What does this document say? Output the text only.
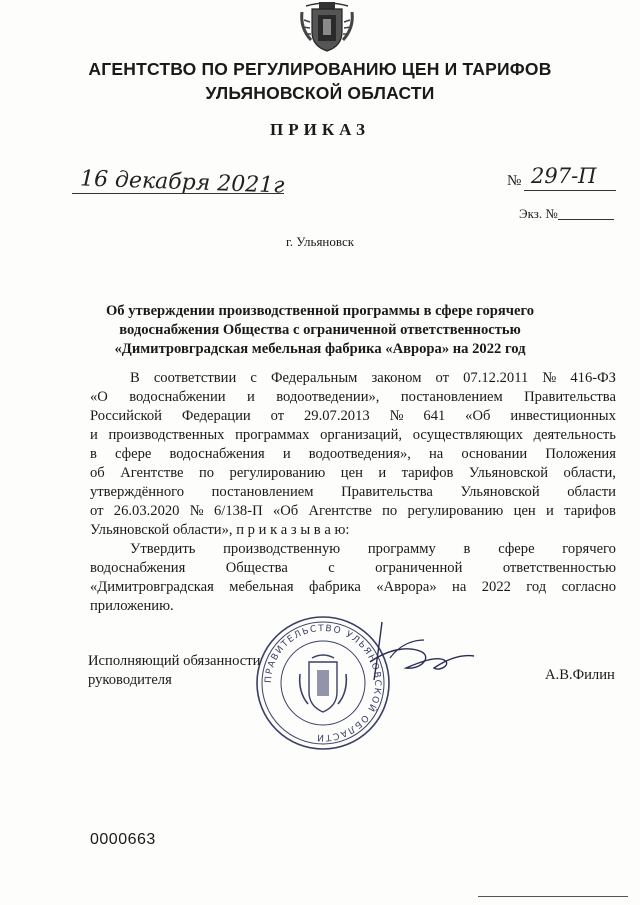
АГЕНТСТВО ПО РЕГУЛИРОВАНИЮ ЦЕН И ТАРИФОВ
УЛЬЯНОВСКОЙ ОБЛАСТИ
ПРИКАЗ
16 декабря 2021г	№ 297-П
Экз. №
г. Ульяновск
Об утверждении производственной программы в сфере горячего
водоснабжения Общества с ограниченной ответственностью
«Димитровградская мебельная фабрика «Аврора» на 2022 год
В соответствии с Федеральным законом от 07.12.2011 № 416-ФЗ
«О водоснабжении и водоотведении», постановлением Правительства
Российской Федерации от 29.07.2013 № 641 «Об инвестиционных
и производственных программах организаций, осуществляющих деятельность
в сфере водоснабжения и водоотведения», на основании Положения
об Агентстве по регулированию цен и тарифов Ульяновской области,
утверждённого постановлением Правительства Ульяновской области
от 26.03.2020 № 6/138-П «Об Агентстве по регулированию цен и тарифов
Ульяновской области», п р и к а з ы в а ю:
Утвердить производственную программу в сфере горячего
водоснабжения	Общества	с	ограниченной	ответственностью
«Димитровградская мебельная фабрика «Аврора» на 2022 год согласно
приложению.
ПРАВИТЕЛЬСТВО УЛЬЯНОВСКОЙ ОБЛАСТИ
Исполняющий обязанности
руководителя	А.В.Филин
0000663
